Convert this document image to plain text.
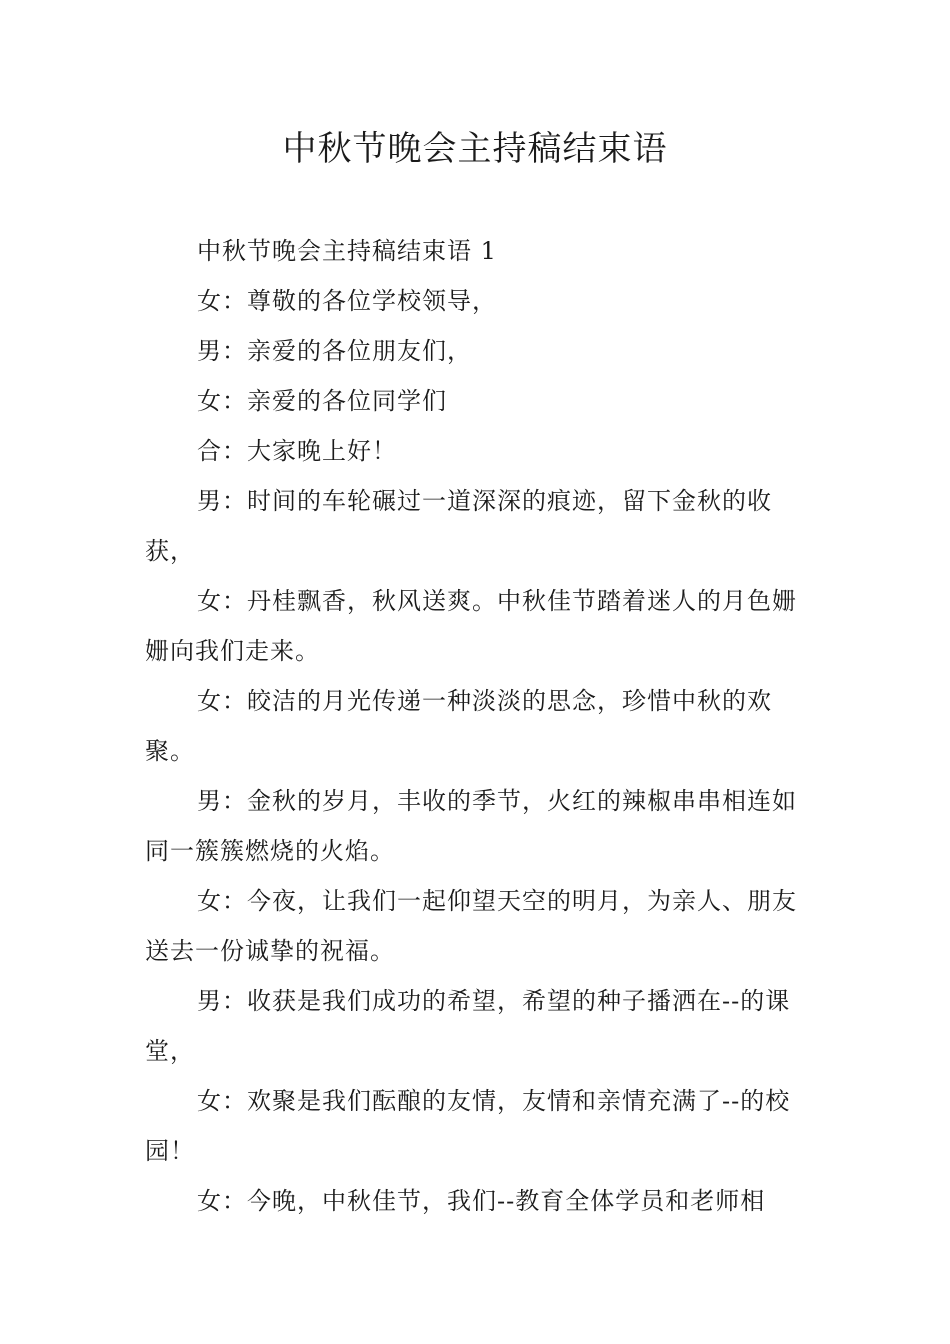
中秋节晚会主持稿结束语

中秋节晚会主持稿结束语 1

女：尊敬的各位学校领导，

男：亲爱的各位朋友们，

女：亲爱的各位同学们

合：大家晚上好！

男：时间的车轮碾过一道深深的痕迹，留下金秋的收获，

女：丹桂飘香，秋风送爽。中秋佳节踏着迷人的月色姗姗向我们走来。

女：皎洁的月光传递一种淡淡的思念，珍惜中秋的欢聚。

男：金秋的岁月，丰收的季节，火红的辣椒串串相连如同一簇簇燃烧的火焰。

女：今夜，让我们一起仰望天空的明月，为亲人、朋友送去一份诚挚的祝福。

男：收获是我们成功的希望，希望的种子播洒在--的课堂，

女：欢聚是我们酝酿的友情，友情和亲情充满了--的校园！

女：今晚，中秋佳节，我们--教育全体学员和老师相
